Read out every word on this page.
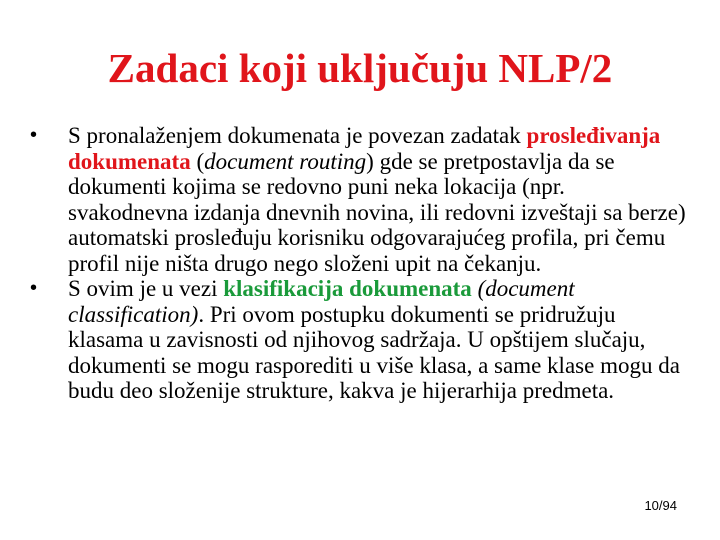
Zadaci koji uključuju NLP/2
•	S pronalaženjem dokumenata je povezan zadatak prosleđivanja dokumenata (document routing) gde se pretpostavlja da se dokumenti kojima se redovno puni neka lokacija (npr. svakodnevna izdanja dnevnih novina, ili redovni izveštaji sa berze) automatski prosleđuju korisniku odgovarajućeg profila, pri čemu profil nije ništa drugo nego složeni upit na čekanju.
•	S ovim je u vezi klasifikacija dokumenata (document classification). Pri ovom postupku dokumenti se pridružuju klasama u zavisnosti od njihovog sadržaja. U opštijem slučaju, dokumenti se mogu rasporediti u više klasa, a same klase mogu da budu deo složenije strukture, kakva je hijerarhija predmeta.
10/94
